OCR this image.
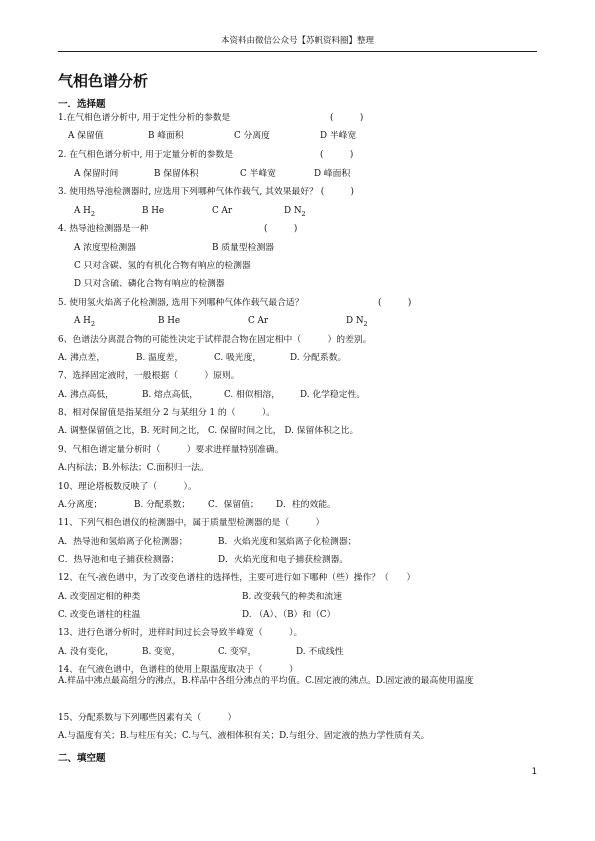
本资料由微信公众号【苏帆资料圈】整理
气相色谱分析
一．选择题
1.在气相色谱分析中, 用于定性分析的参数是	(　　　)
A 保留值	B 峰面积	C 分离度	D 半峰宽
2. 在气相色谱分析中, 用于定量分析的参数是	(　　　)
A 保留时间	B 保留体积	C 半峰宽	D 峰面积
3. 使用热导池检测器时, 应选用下列哪种气体作载气, 其效果最好？ (　　　)
A $H_2$	B He	C Ar	D $N_2$
4. 热导池检测器是一种	(　　　)
A 浓度型检测器	B 质量型检测器
C 只对含碳、氢的有机化合物有响应的检测器
D 只对含硫、磷化合物有响应的检测器
5. 使用氢火焰离子化检测器, 选用下列哪种气体作载气最合适？	(　　　)
A $H_2$	B He	C Ar	D $N_2$
6、色谱法分离混合物的可能性决定于试样混合物在固定相中（　　　）的差别。
A. 沸点差，	B. 温度差，	C. 吸光度，	D. 分配系数。
7、选择固定液时，一般根据（　　　）原则。
A. 沸点高低，	B. 熔点高低，	C. 相似相溶， D. 化学稳定性。
8、相对保留值是指某组分 2 与某组分 1 的（　　　）。
A. 调整保留值之比，B. 死时间之比， C. 保留时间之比， D. 保留体积之比。
9、气相色谱定量分析时（　　　）要求进样量特别准确。
A.内标法；B.外标法；C.面积归一法。
10、理论塔板数反映了（　　　）。
A.分离度；	B. 分配系数； C．保留值； D．柱的效能。
11、下列气相色谱仪的检测器中，属于质量型检测器的是（　　　）
A．热导池和氢焰离子化检测器；	B．火焰光度和氢焰离子化检测器；
C．热导池和电子捕获检测器；	D．火焰光度和电子捕获检测器。
12、在气-液色谱中，为了改变色谱柱的选择性，主要可进行如下哪种（些）操作？（　　）
A. 改变固定相的种类	B. 改变载气的种类和流速
C. 改变色谱柱的柱温	D. （A）、（B）和（C）
13、进行色谱分析时，进样时间过长会导致半峰宽（　　　）。
A. 没有变化，	B. 变宽，	C. 变窄，	D. 不成线性
14、在气液色谱中，色谱柱的使用上限温度取决于（　　　）
A.样品中沸点最高组分的沸点，B.样品中各组分沸点的平均值。C.固定液的沸点。D.固定液的最高使用温度
15、分配系数与下列哪些因素有关（　　　）
A.与温度有关；B.与柱压有关；C.与气、液相体积有关；D.与组分、固定液的热力学性质有关。
二、填空题
1
